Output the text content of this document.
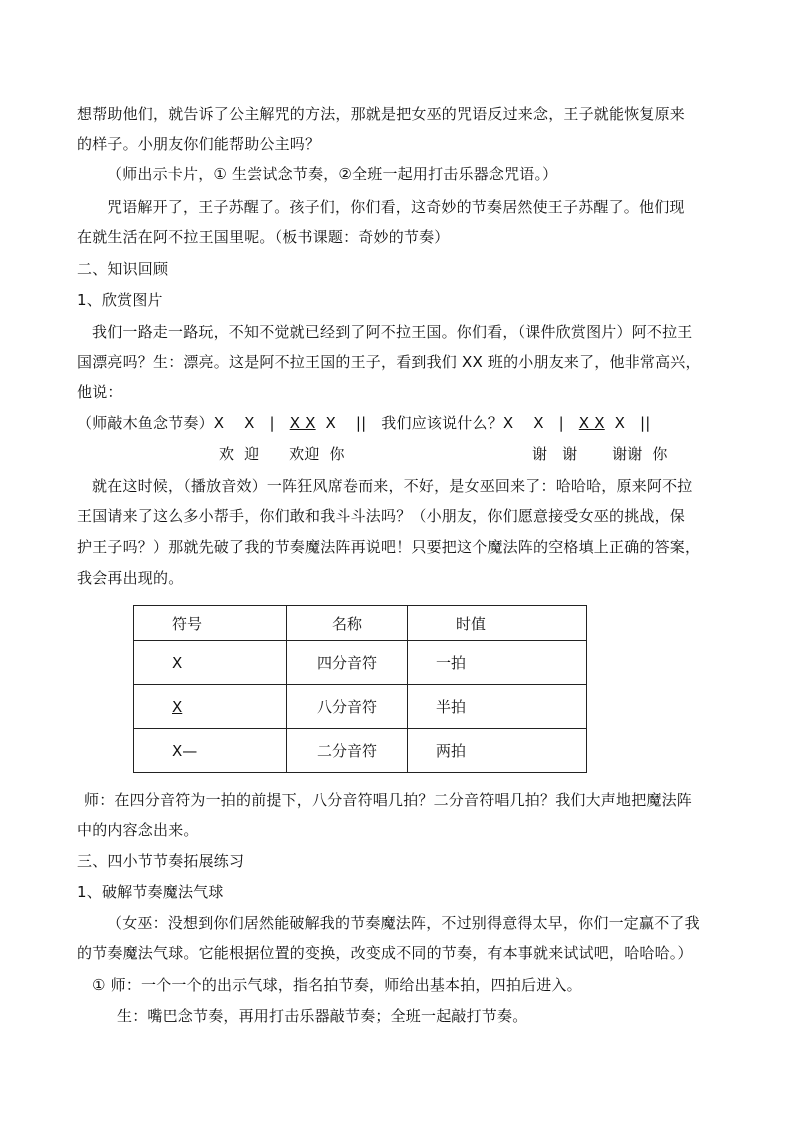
想帮助他们，就告诉了公主解咒的方法，那就是把女巫的咒语反过来念，王子就能恢复原来
的样子。小朋友你们能帮助公主吗？
（师出示卡片，① 生尝试念节奏，②全班一起用打击乐器念咒语。）
咒语解开了，王子苏醒了。孩子们，你们看，这奇妙的节奏居然使王子苏醒了。他们现
在就生活在阿不拉王国里呢。（板书课题：奇妙的节奏）
二、知识回顾
1、欣赏图片
我们一路走一路玩，不知不觉就已经到了阿不拉王国。你们看，（课件欣赏图片）阿不拉王
国漂亮吗？生：漂亮。这是阿不拉王国的王子，看到我们 XX 班的小朋友来了，他非常高兴，
他说：
（师敲木鱼念节奏）X    X   |   X X  X    ||   我们应该说什么？X    X   |   X X  X   ||
欢  迎      欢迎  你	谢   谢       谢谢  你
就在这时候，（播放音效）一阵狂风席卷而来，不好，是女巫回来了：哈哈哈，原来阿不拉
王国请来了这么多小帮手，你们敢和我斗斗法吗？（小朋友，你们愿意接受女巫的挑战，保
护王子吗？）那就先破了我的节奏魔法阵再说吧！只要把这个魔法阵的空格填上正确的答案，
我会再出现的。
符号	名称	时值
X	四分音符	一拍
X	八分音符	半拍
X—	二分音符	两拍
师：在四分音符为一拍的前提下，八分音符唱几拍？二分音符唱几拍？我们大声地把魔法阵
中的内容念出来。
三、四小节节奏拓展练习
1、破解节奏魔法气球
（女巫：没想到你们居然能破解我的节奏魔法阵，不过别得意得太早，你们一定赢不了我
的节奏魔法气球。它能根据位置的变换，改变成不同的节奏，有本事就来试试吧，哈哈哈。）
① 师：一个一个的出示气球，指名拍节奏，师给出基本拍，四拍后进入。
生：嘴巴念节奏，再用打击乐器敲节奏；全班一起敲打节奏。
